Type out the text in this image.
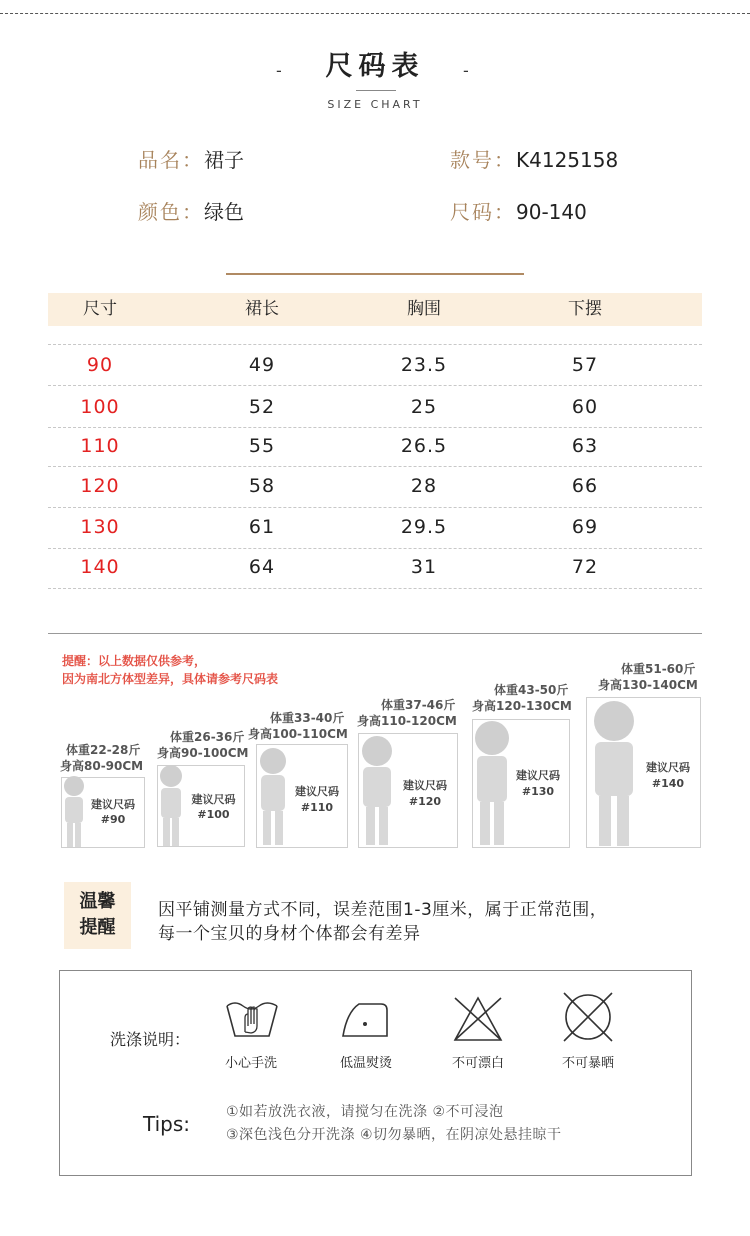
-	尺码表	-
SIZE CHART
品名：裙子	款号：K4125158
颜色：绿色	尺码：90-140
尺寸	裙长	胸围	下摆
90	49	23.5	57
100	52	25	60
110	55	26.5	63
120	58	28	66
130	61	29.5	69
140	64	31	72
提醒：以上数据仅供参考，
因为南北方体型差异，具体请参考尺码表
体重22-28斤
身高80-90CM
建议尺码
#90
体重26-36斤
身高90-100CM
建议尺码
#100
体重33-40斤
身高100-110CM
建议尺码
#110
体重37-46斤
身高110-120CM
建议尺码
#120
体重43-50斤
身高120-130CM
建议尺码
#130
体重51-60斤
身高130-140CM
建议尺码
#140
温馨
提醒
因平铺测量方式不同，误差范围1-3厘米，属于正常范围，
每一个宝贝的身材个体都会有差异
洗涤说明：
小心手洗	低温熨烫	不可漂白	不可暴晒
Tips:	①如若放洗衣液，请搅匀在洗涤 ②不可浸泡
③深色浅色分开洗涤 ④切勿暴晒，在阴凉处悬挂晾干
